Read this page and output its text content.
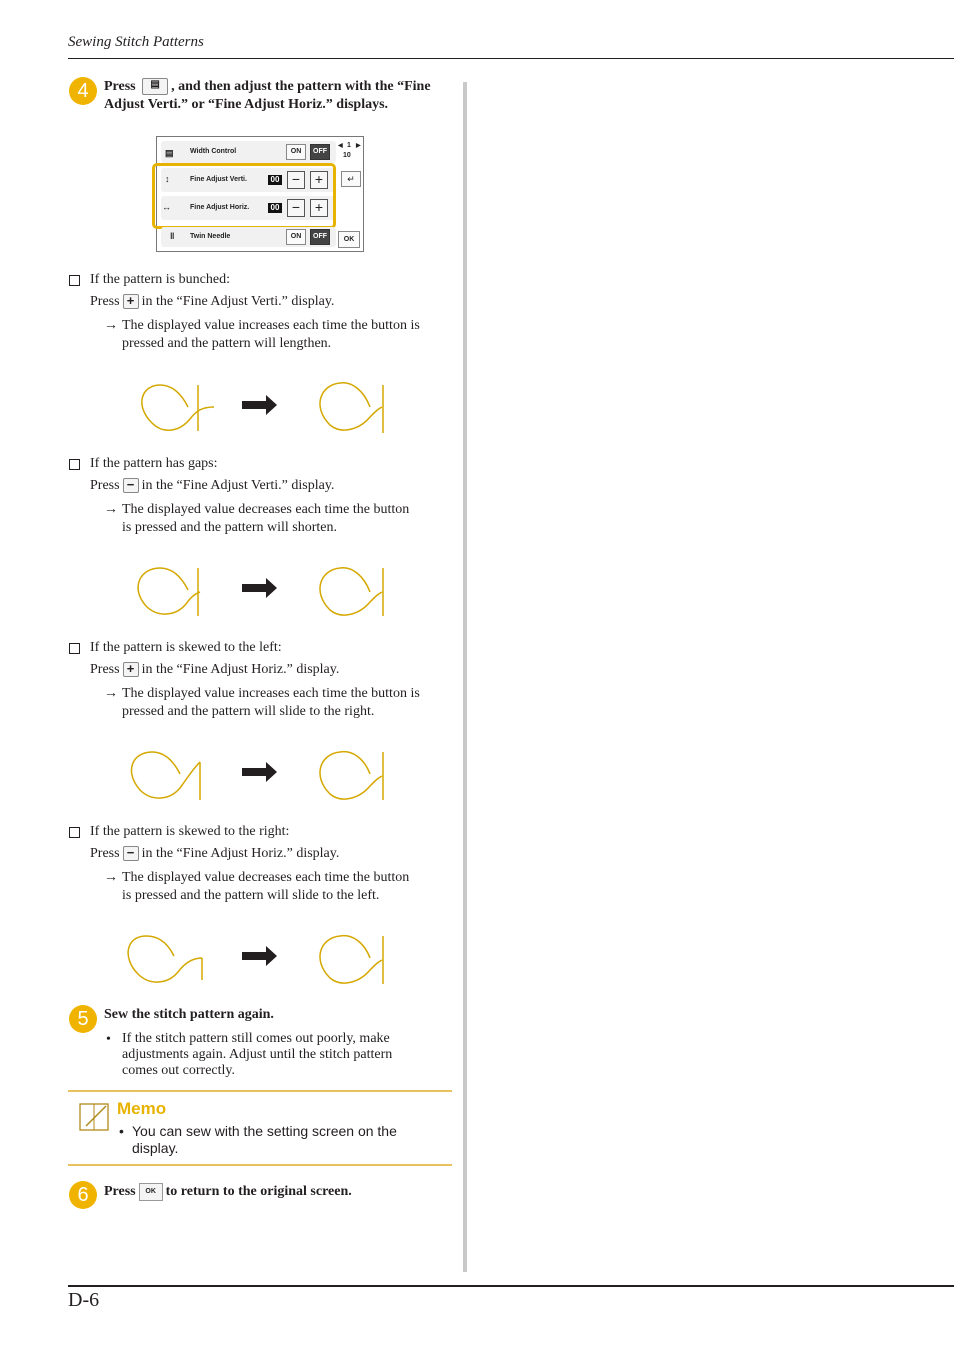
Sewing Stitch Patterns
4	Press ▤ , and then adjust the pattern with the “Fine
Adjust Verti.” or “Fine Adjust Horiz.” displays.
▤ Width Control	ON	OFF
↕	Fine Adjust Verti.	00 −	+
↔	Fine Adjust Horiz.	00 −	+
‖ Twin Needle	ON	OFF
◀ 1 ▶
10
↵
OK
If the pattern is bunched:
Press + in the “Fine Adjust Verti.” display.
→ The displayed value increases each time the button is
pressed and the pattern will lengthen.
If the pattern has gaps:
Press − in the “Fine Adjust Verti.” display.
→ The displayed value decreases each time the button
is pressed and the pattern will shorten.
If the pattern is skewed to the left:
Press + in the “Fine Adjust Horiz.” display.
→ The displayed value increases each time the button is
pressed and the pattern will slide to the right.
If the pattern is skewed to the right:
Press − in the “Fine Adjust Horiz.” display.
→ The displayed value decreases each time the button
is pressed and the pattern will slide to the left.
5	Sew the stitch pattern again.
• If the stitch pattern still comes out poorly, make
adjustments again. Adjust until the stitch pattern
comes out correctly.
Memo
• You can sew with the setting screen on the
display.
6	Press OK to return to the original screen.
D-6
